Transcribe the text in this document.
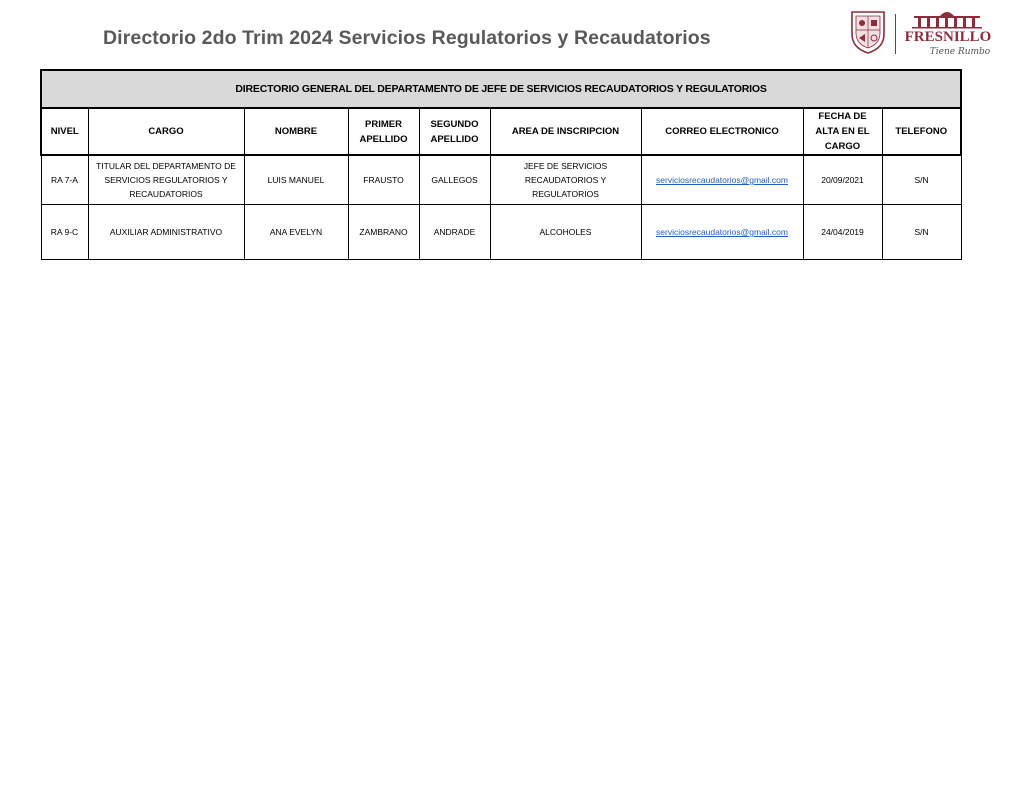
Directorio 2do Trim 2024 Servicios Regulatorios y Recaudatorios	FRESNILLO
Tiene Rumbo
DIRECTORIO GENERAL DEL DEPARTAMENTO DE JEFE DE SERVICIOS RECAUDATORIOS Y REGULATORIOS								
NIVEL	CARGO	NOMBRE	PRIMER APELLIDO	SEGUNDO APELLIDO	AREA DE INSCRIPCION	CORREO ELECTRONICO	FECHA DE ALTA EN EL CARGO	TELEFONO
RA 7-A	TITULAR DEL DEPARTAMENTO DE SERVICIOS REGULATORIOS Y RECAUDATORIOS	LUIS MANUEL	FRAUSTO	GALLEGOS	JEFE DE SERVICIOS RECAUDATORIOS Y REGULATORIOS	serviciosrecaudatorios@gmail.com	20/09/2021	S/N
RA 9-C	AUXILIAR ADMINISTRATIVO	ANA EVELYN	ZAMBRANO	ANDRADE	ALCOHOLES	serviciosrecaudatorios@gmail.com	24/04/2019	S/N
